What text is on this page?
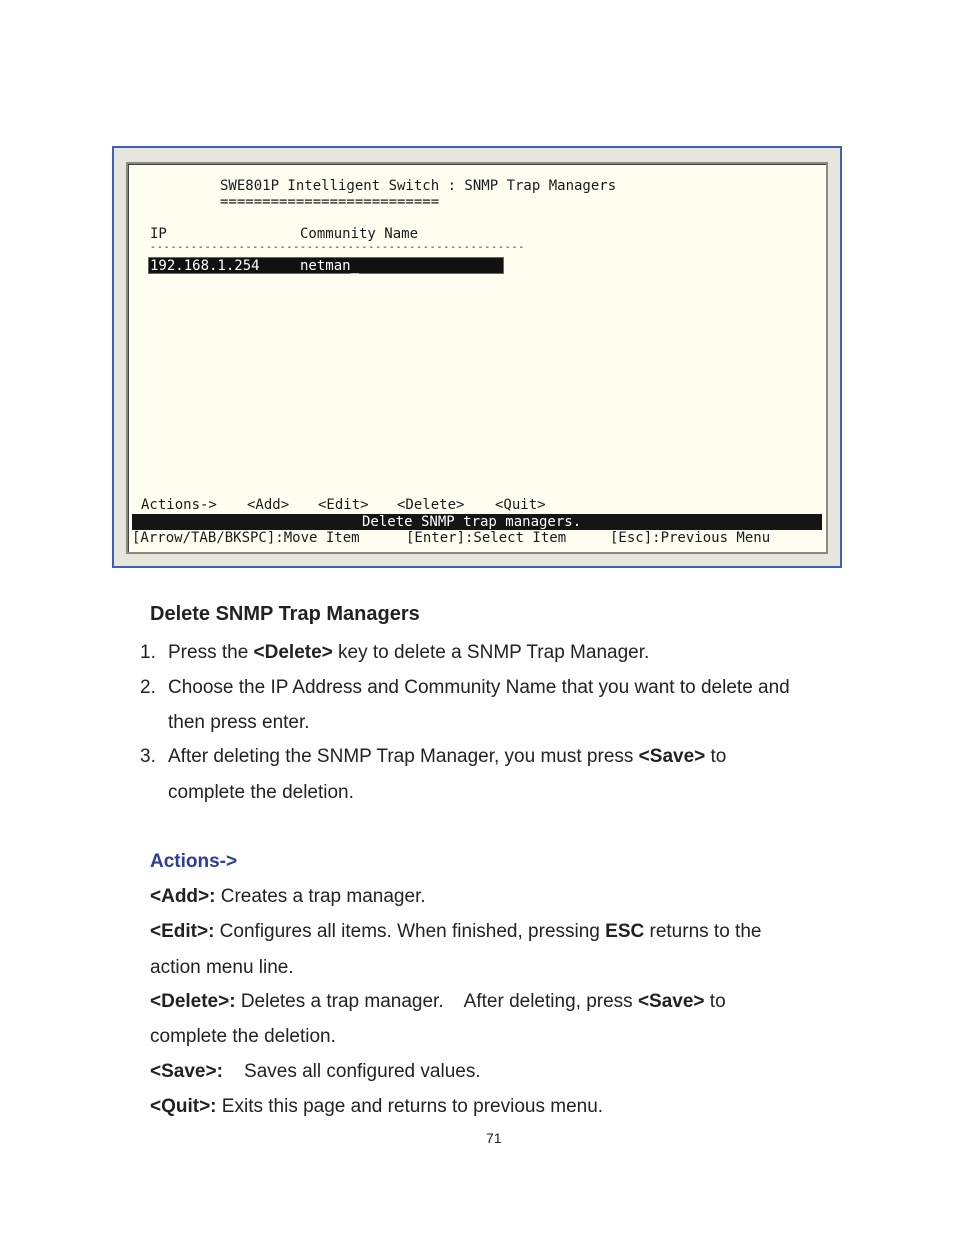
SWE801P Intelligent Switch : SNMP Trap Managers
==========================
IP	Community Name
-------------------------------------------------------
192.168.1.254	netman_
Actions-> <Add> <Edit> <Delete> <Quit>
Delete SNMP trap managers.
[Arrow/TAB/BKSPC]:Move Item	[Enter]:Select Item	[Esc]:Previous Menu
Delete SNMP Trap Managers
1. Press the <Delete> key to delete a SNMP Trap Manager.
2. Choose the IP Address and Community Name that you want to delete and
then press enter.
3. After deleting the SNMP Trap Manager, you must press <Save> to
complete the deletion.
Actions->
<Add>: Creates a trap manager.
<Edit>: Configures all items. When finished, pressing ESC returns to the
action menu line.
<Delete>: Deletes a trap manager.    After deleting, press <Save> to
complete the deletion.
<Save>:    Saves all configured values.
<Quit>: Exits this page and returns to previous menu.
71
